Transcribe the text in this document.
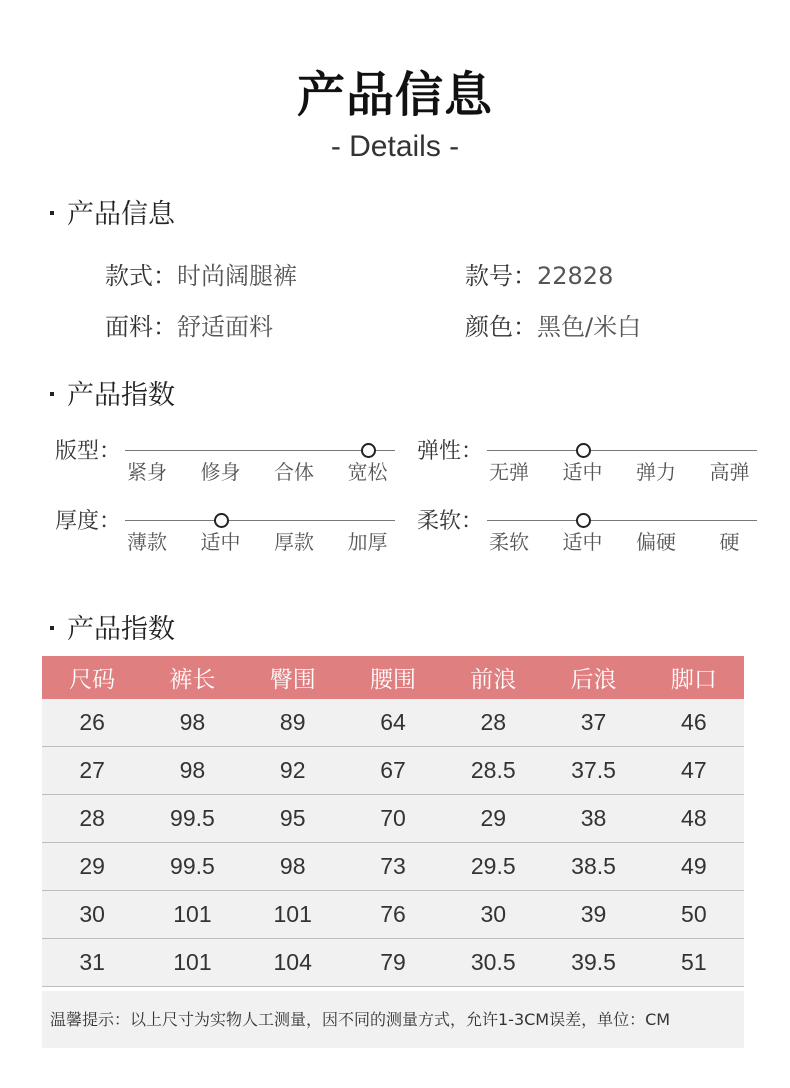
产品信息
- Details -
产品信息
款式：时尚阔腿裤	款号：22828
面料：舒适面料	颜色：黑色/米白
产品指数
版型：
紧身	修身	合体	宽松
弹性：
无弹	适中	弹力	高弹
厚度：
薄款	适中	厚款	加厚
柔软：
柔软	适中	偏硬	硬
产品指数
尺码	裤长	臀围	腰围	前浪	后浪	脚口
26	98	89	64	28	37	46
27	98	92	67	28.5	37.5	47
28	99.5	95	70	29	38	48
29	99.5	98	73	29.5	38.5	49
30	101	101	76	30	39	50
31	101	104	79	30.5	39.5	51
温馨提示：以上尺寸为实物人工测量，因不同的测量方式，允许1-3CM误差，单位：CM
